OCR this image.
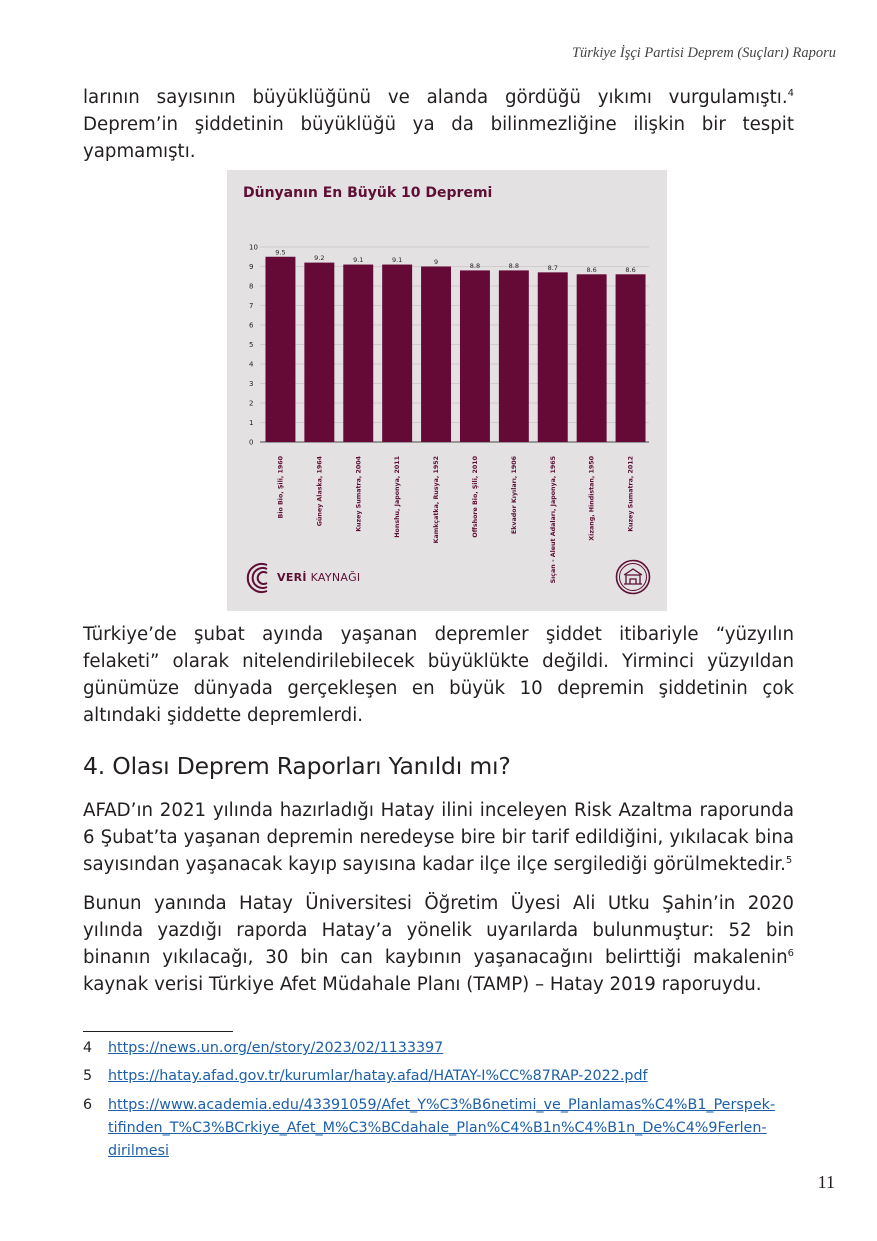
Türkiye İşçi Partisi Deprem (Suçları) Raporu

larının sayısının büyüklüğünü ve alanda gördüğü yıkımı vurgulamıştı.$^4$ Deprem’in şiddetinin büyüklüğü ya da bilinmezliğine ilişkin bir tespit yapmamıştı.

0
1
2
3
4
5
6
7
8
9
10
9.5
Bio Bio, Şili, 1960
9.2
Güney Alaska, 1964
9.1
Kuzey Sumatra, 2004
9.1
Honshu, Japonya, 2011
9
Kamkçatka, Rusya, 1952
8.8
Offshore Bio, Şili, 2010
8.8
Ekvador Kıyıları, 1906
8.7
Sıçan - Aleut Adaları, Japonya, 1965
8.6
Xizang, Hindistan, 1950
8.6
Kuzey Sumatra, 2012
Dünyanın En Büyük 10 Depremi
VERİ KAYNAĞI

Türkiye’de şubat ayında yaşanan depremler şiddet itibariyle “yüzyılın felaketi” olarak nitelendirilebilecek büyüklükte değildi. Yirminci yüzyıldan günümüze dünyada gerçekleşen en büyük 10 depremin şiddetinin çok altındaki şiddette depremlerdi.

4. Olası Deprem Raporları Yanıldı mı?

AFAD’ın 2021 yılında hazırladığı Hatay ilini inceleyen Risk Azaltma raporunda 6 Şubat’ta yaşanan depremin neredeyse bire bir tarif edildiğini, yıkılacak bina sayısından yaşanacak kayıp sayısına kadar ilçe ilçe sergilediği görülmektedir.$^5$

Bunun yanında Hatay Üniversitesi Öğretim Üyesi Ali Utku Şahin’in 2020 yılında yazdığı raporda Hatay’a yönelik uyarılarda bulunmuştur: 52 bin binanın yıkılacağı, 30 bin can kaybının yaşanacağını belirttiği makalenin$^6$ kaynak verisi Türkiye Afet Müdahale Planı (TAMP) – Hatay 2019 raporuydu.

4 https://news.un.org/en/story/2023/02/1133397
5 https://hatay.afad.gov.tr/kurumlar/hatay.afad/HATAY-I%CC%87RAP-2022.pdf
6 https://www.academia.edu/43391059/Afet_Y%C3%B6netimi_ve_Planlamas%C4%B1_Perspek-
tifinden_T%C3%BCrkiye_Afet_M%C3%BCdahale_Plan%C4%B1n%C4%B1n_De%C4%9Ferlen-
dirilmesi
11
